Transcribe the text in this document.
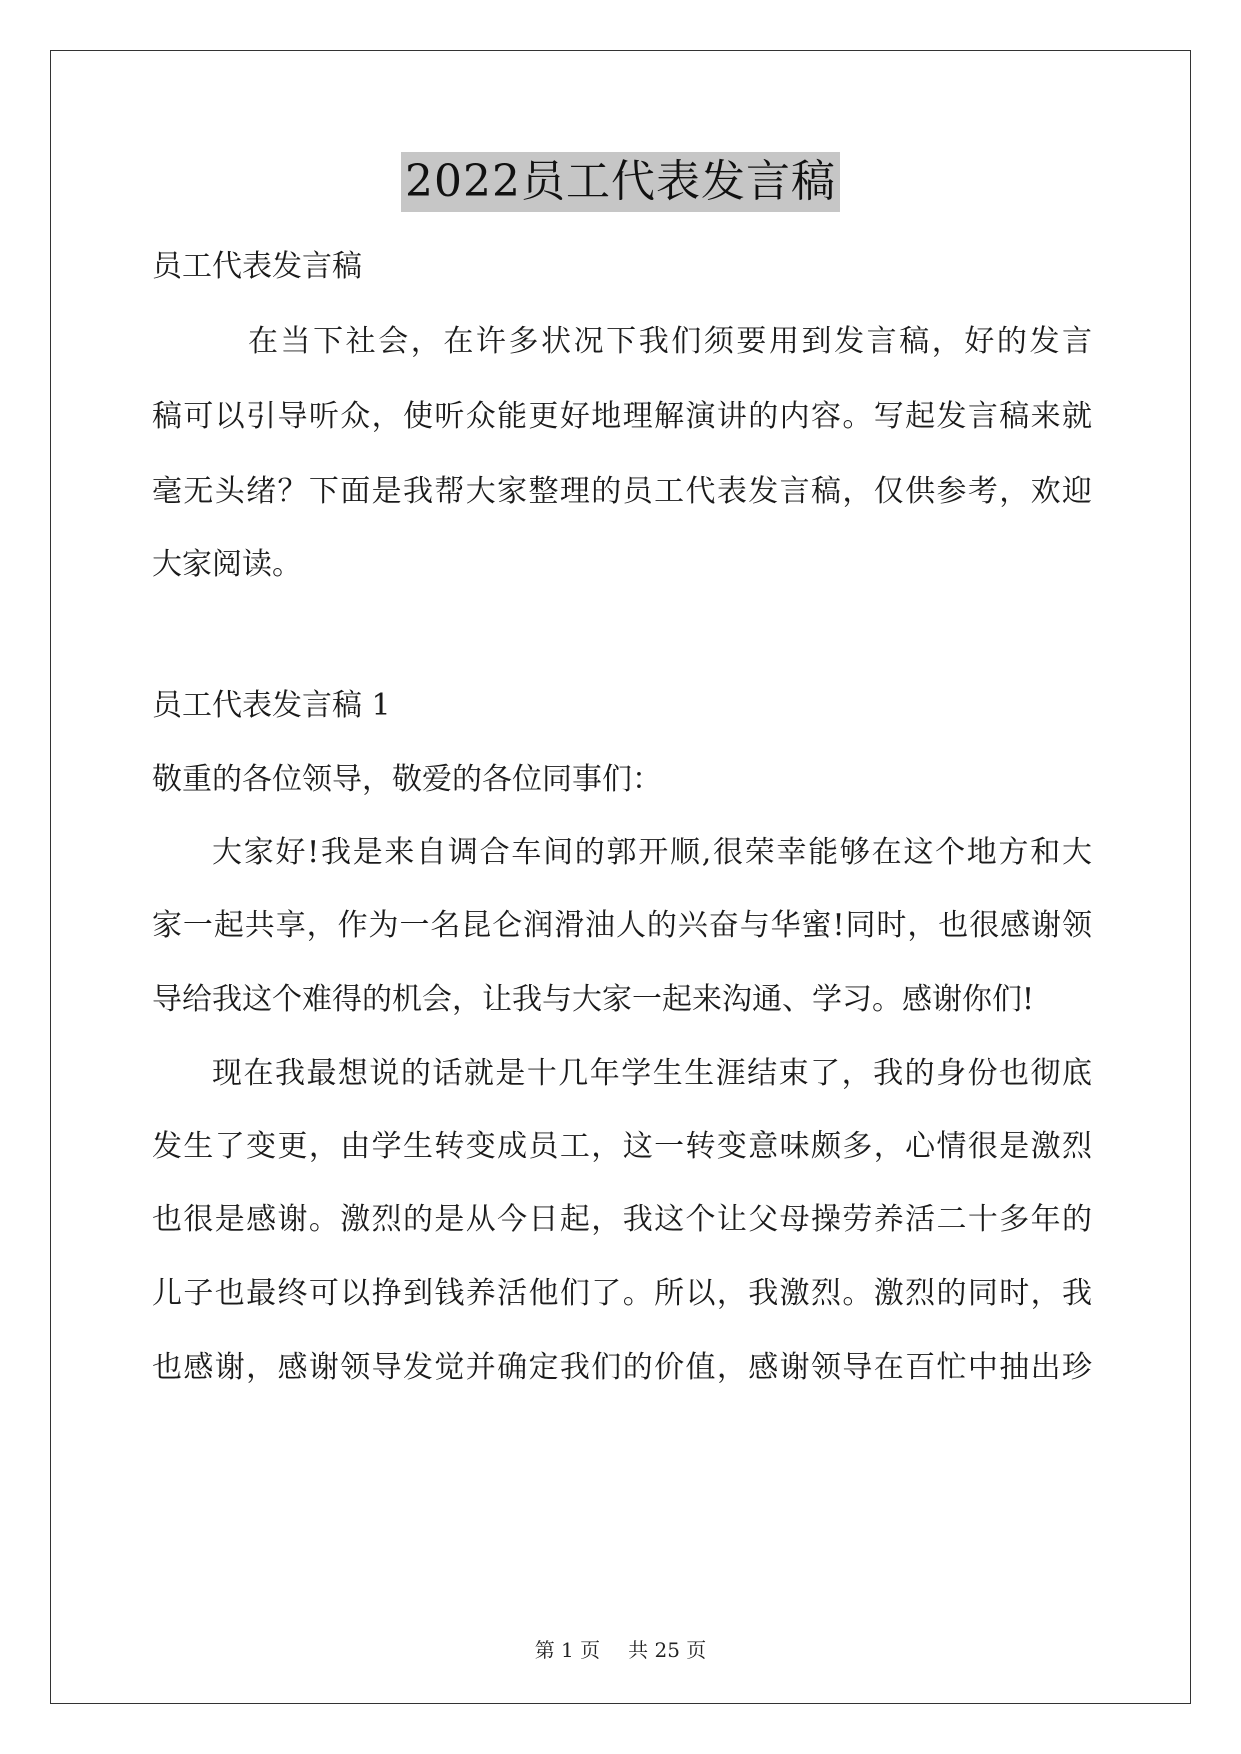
2022员工代表发言稿
员工代表发言稿
在当下社会，在许多状况下我们须要用到发言稿，好的发言
稿可以引导听众，使听众能更好地理解演讲的内容。写起发言稿来就
毫无头绪？下面是我帮大家整理的员工代表发言稿，仅供参考，欢迎
大家阅读。
员工代表发言稿 1
敬重的各位领导，敬爱的各位同事们：
大家好!我是来自调合车间的郭开顺,很荣幸能够在这个地方和大
家一起共享，作为一名昆仑润滑油人的兴奋与华蜜!同时，也很感谢领
导给我这个难得的机会，让我与大家一起来沟通、学习。感谢你们!
现在我最想说的话就是十几年学生生涯结束了，我的身份也彻底
发生了变更，由学生转变成员工，这一转变意味颇多，心情很是激烈
也很是感谢。激烈的是从今日起，我这个让父母操劳养活二十多年的
儿子也最终可以挣到钱养活他们了。所以，我激烈。激烈的同时，我
也感谢，感谢领导发觉并确定我们的价值，感谢领导在百忙中抽出珍
第 1 页 共 25 页
